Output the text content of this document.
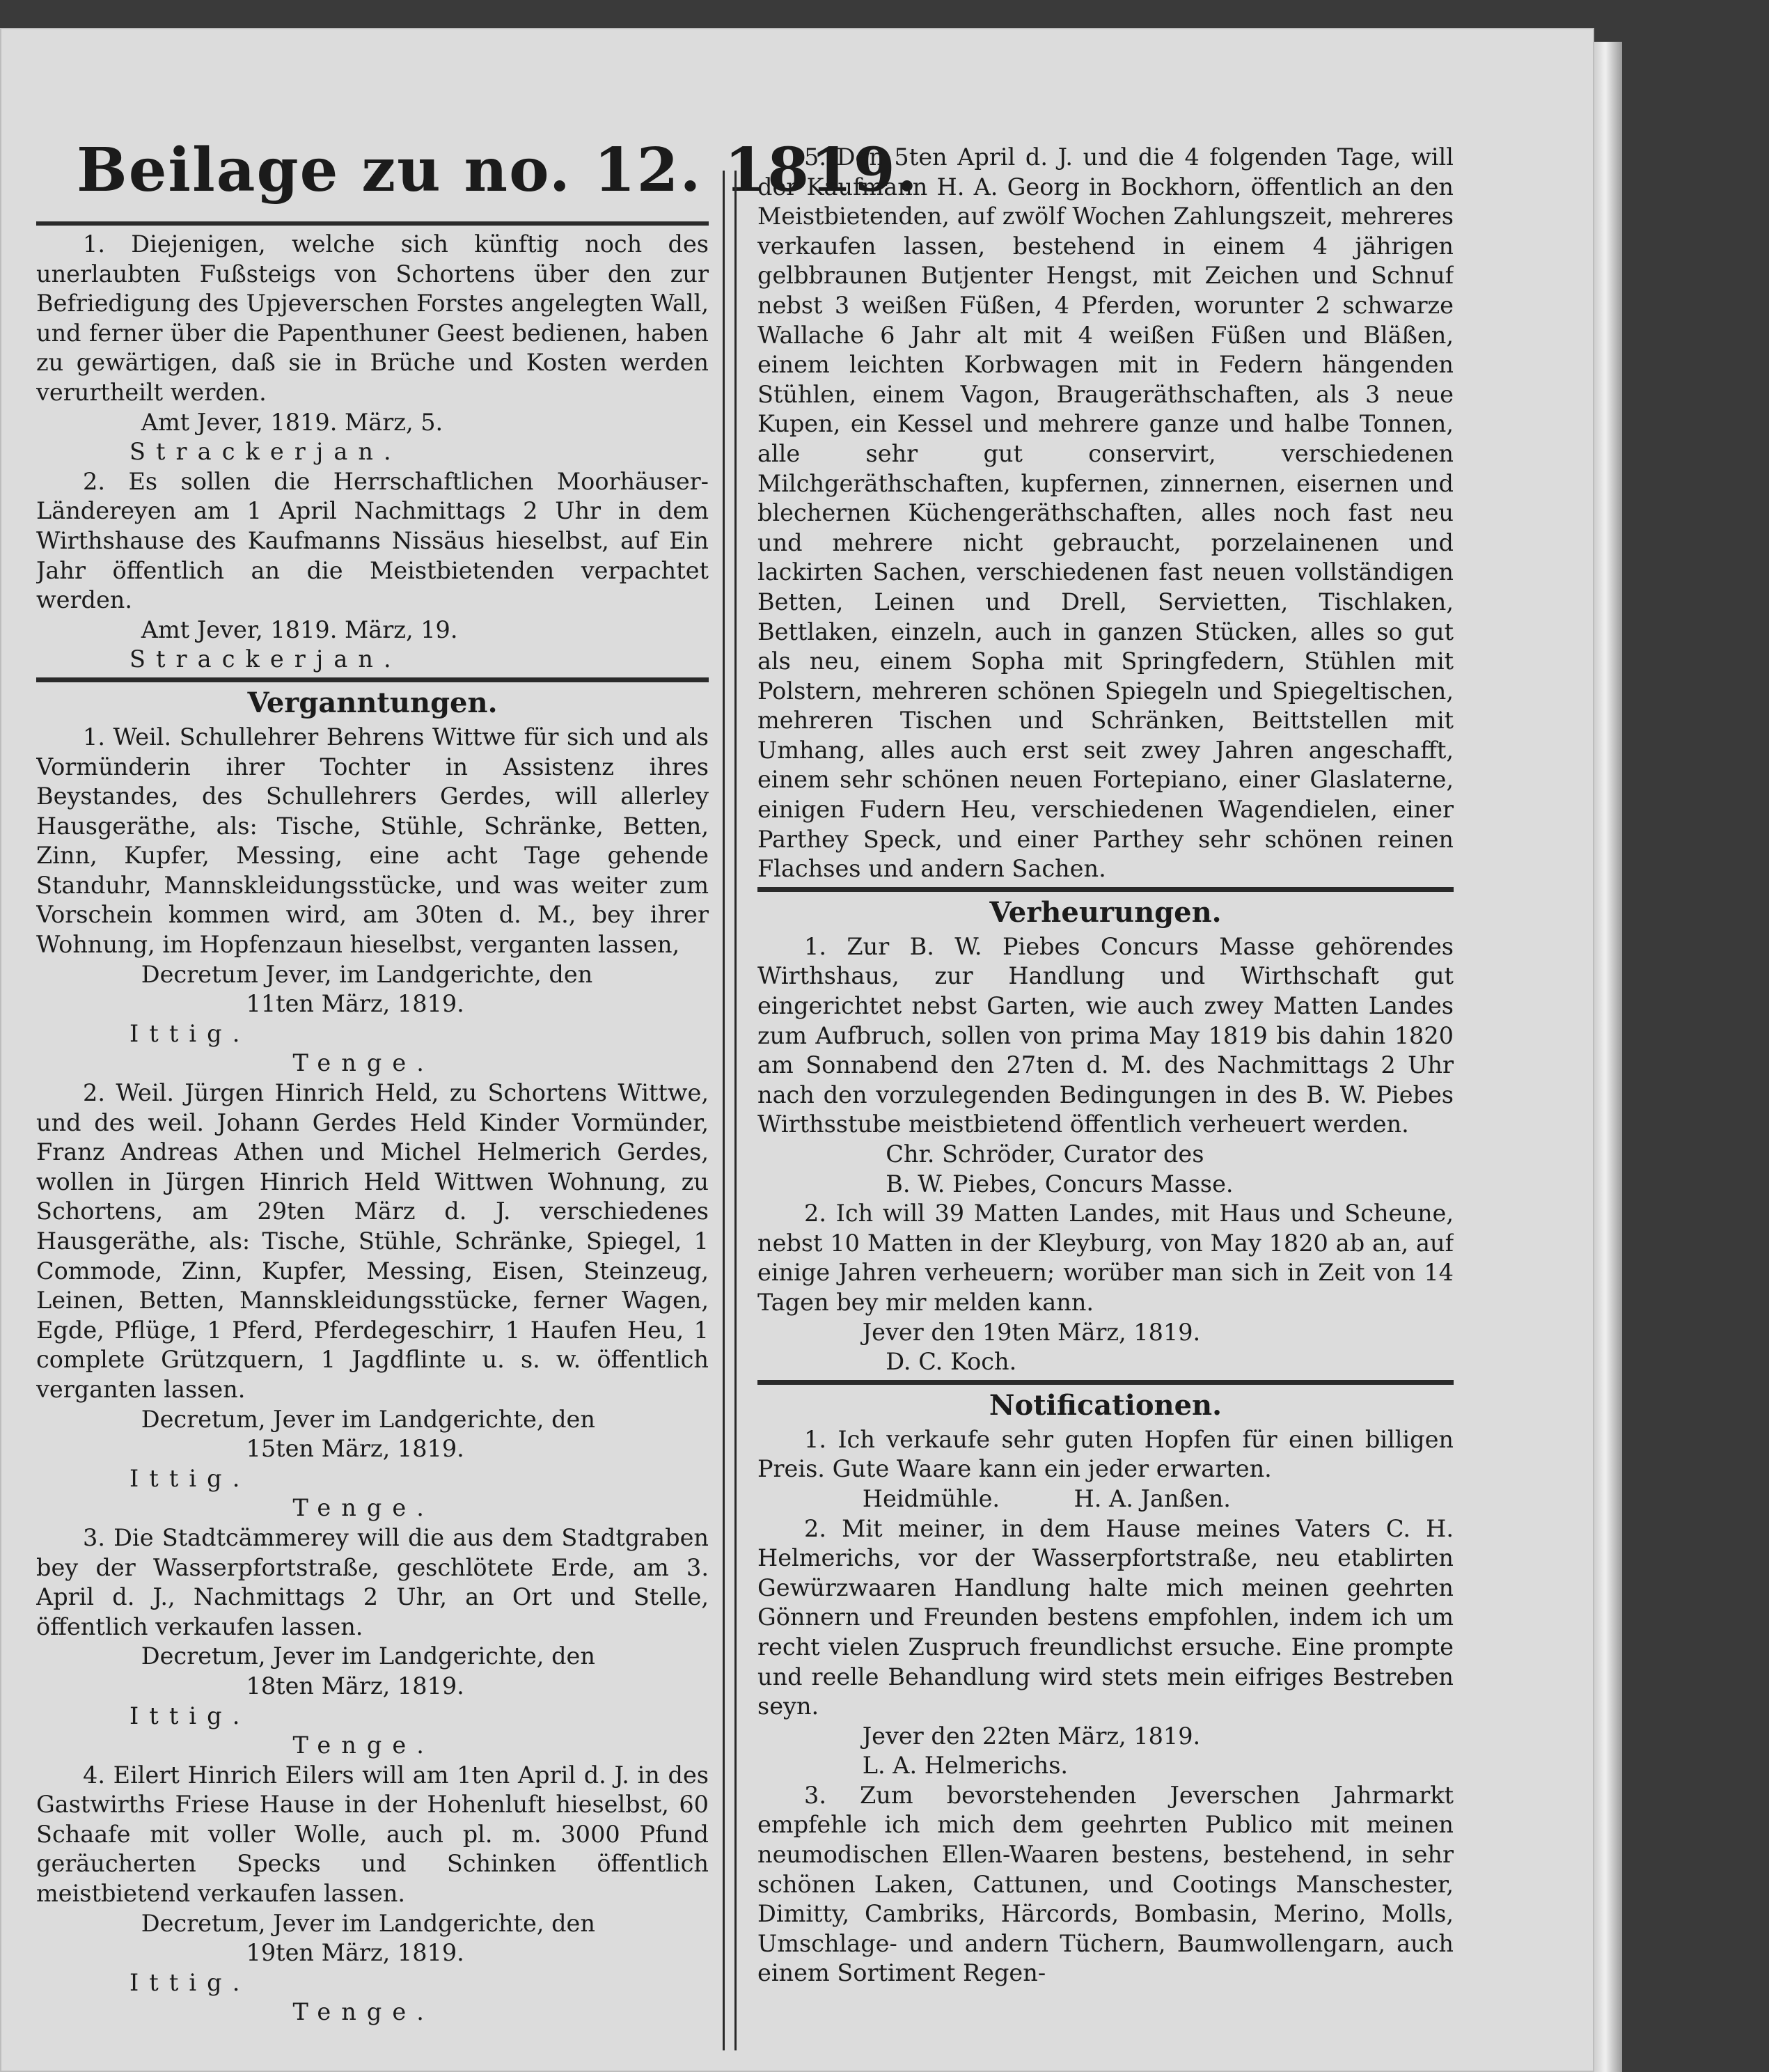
Beilage zu no. 12. 1819.

1. Diejenigen, welche sich künftig noch des unerlaubten Fußsteigs von Schortens über den zur Befriedigung des Upjeverschen Forstes angelegten Wall, und ferner über die Papenthuner Geest bedienen, haben zu gewärtigen, daß sie in Brüche und Kosten werden verurtheilt werden.

Amt Jever, 1819. März, 5.

Strackerjan.

2. Es sollen die Herrschaftlichen Moorhäuser-Ländereyen am 1 April Nachmittags 2 Uhr in dem Wirthshause des Kaufmanns Nissäus hieselbst, auf Ein Jahr öffentlich an die Meistbietenden verpachtet werden.

Amt Jever, 1819. März, 19.

Strackerjan.

Verganntungen.

1. Weil. Schullehrer Behrens Wittwe für sich und als Vormünderin ihrer Tochter in Assistenz ihres Beystandes, des Schullehrers Gerdes, will allerley Hausgeräthe, als: Tische, Stühle, Schränke, Betten, Zinn, Kupfer, Messing, eine acht Tage gehende Standuhr, Mannskleidungsstücke, und was weiter zum Vorschein kommen wird, am 30ten d. M., bey ihrer Wohnung, im Hopfenzaun hieselbst, verganten lassen,

Decretum Jever, im Landgerichte, den

11ten März, 1819.

Ittig.

Tenge.

2. Weil. Jürgen Hinrich Held, zu Schortens Wittwe, und des weil. Johann Gerdes Held Kinder Vormünder, Franz Andreas Athen und Michel Helmerich Gerdes, wollen in Jürgen Hinrich Held Wittwen Wohnung, zu Schortens, am 29ten März d. J. verschiedenes Hausgeräthe, als: Tische, Stühle, Schränke, Spiegel, 1 Commode, Zinn, Kupfer, Messing, Eisen, Steinzeug, Leinen, Betten, Mannskleidungsstücke, ferner Wagen, Egde, Pflüge, 1 Pferd, Pferdegeschirr, 1 Haufen Heu, 1 complete Grützquern, 1 Jagdflinte u. s. w. öffentlich verganten lassen.

Decretum, Jever im Landgerichte, den

15ten März, 1819.

Ittig.

Tenge.

3. Die Stadtcämmerey will die aus dem Stadtgraben bey der Wasserpfortstraße, geschlötete Erde, am 3. April d. J., Nachmittags 2 Uhr, an Ort und Stelle, öffentlich verkaufen lassen.

Decretum, Jever im Landgerichte, den

18ten März, 1819.

Ittig.

Tenge.

4. Eilert Hinrich Eilers will am 1ten April d. J. in des Gastwirths Friese Hause in der Hohenluft hieselbst, 60 Schaafe mit voller Wolle, auch pl. m. 3000 Pfund geräucherten Specks und Schinken öffentlich meistbietend verkaufen lassen.

Decretum, Jever im Landgerichte, den

19ten März, 1819.

Ittig.

Tenge.

5. Den 5ten April d. J. und die 4 folgenden Tage, will der Kaufmann H. A. Georg in Bockhorn, öffentlich an den Meistbietenden, auf zwölf Wochen Zahlungszeit, mehreres verkaufen lassen, bestehend in einem 4 jährigen gelbbraunen Butjenter Hengst, mit Zeichen und Schnuf nebst 3 weißen Füßen, 4 Pferden, worunter 2 schwarze Wallache 6 Jahr alt mit 4 weißen Füßen und Bläßen, einem leichten Korbwagen mit in Federn hängenden Stühlen, einem Vagon, Braugeräthschaften, als 3 neue Kupen, ein Kessel und mehrere ganze und halbe Tonnen, alle sehr gut conservirt, verschiedenen Milchgeräthschaften, kupfernen, zinnernen, eisernen und blechernen Küchengeräthschaften, alles noch fast neu und mehrere nicht gebraucht, porzelainenen und lackirten Sachen, verschiedenen fast neuen vollständigen Betten, Leinen und Drell, Servietten, Tischlaken, Bettlaken, einzeln, auch in ganzen Stücken, alles so gut als neu, einem Sopha mit Springfedern, Stühlen mit Polstern, mehreren schönen Spiegeln und Spiegeltischen, mehreren Tischen und Schränken, Beittstellen mit Umhang, alles auch erst seit zwey Jahren angeschafft, einem sehr schönen neuen Fortepiano, einer Glaslaterne, einigen Fudern Heu, verschiedenen Wagendielen, einer Parthey Speck, und einer Parthey sehr schönen reinen Flachses und andern Sachen.

Verheurungen.

1. Zur B. W. Piebes Concurs Masse gehörendes Wirthshaus, zur Handlung und Wirthschaft gut eingerichtet nebst Garten, wie auch zwey Matten Landes zum Aufbruch, sollen von prima May 1819 bis dahin 1820 am Sonnabend den 27ten d. M. des Nachmittags 2 Uhr nach den vorzulegenden Bedingungen in des B. W. Piebes Wirthsstube meistbietend öffentlich verheuert werden.

Chr. Schröder, Curator des

B. W. Piebes, Concurs Masse.

2. Ich will 39 Matten Landes, mit Haus und Scheune, nebst 10 Matten in der Kleyburg, von May 1820 ab an, auf einige Jahren verheuern; worüber man sich in Zeit von 14 Tagen bey mir melden kann.

Jever den 19ten März, 1819.

D. C. Koch.

Notificationen.

1. Ich verkaufe sehr guten Hopfen für einen billigen Preis. Gute Waare kann ein jeder erwarten.

Heidmühle.          H. A. Janßen.

2. Mit meiner, in dem Hause meines Vaters C. H. Helmerichs, vor der Wasserpfortstraße, neu etablirten Gewürzwaaren Handlung halte mich meinen geehrten Gönnern und Freunden bestens empfohlen, indem ich um recht vielen Zuspruch freundlichst ersuche. Eine prompte und reelle Behandlung wird stets mein eifriges Bestreben seyn.

Jever den 22ten März, 1819.

L. A. Helmerichs.

3. Zum bevorstehenden Jeverschen Jahrmarkt empfehle ich mich dem geehrten Publico mit meinen neumodischen Ellen-Waaren bestens, bestehend, in sehr schönen Laken, Cattunen, und Cootings Manschester, Dimitty, Cambriks, Härcords, Bombasin, Merino, Molls, Umschlage- und andern Tüchern, Baumwollengarn, auch einem Sortiment Regen-
